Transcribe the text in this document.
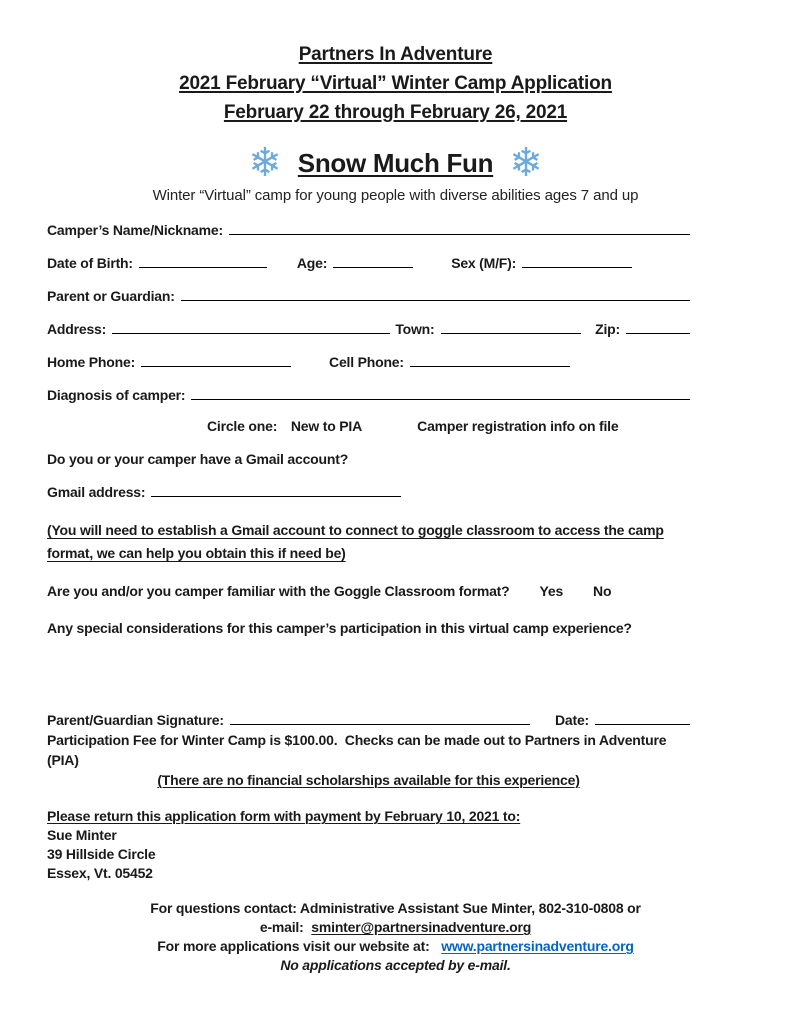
Partners In Adventure
2021 February “Virtual” Winter Camp Application
February 22 through February 26, 2021
❄ Snow Much Fun ❄
Winter “Virtual” camp for young people with diverse abilities ages 7 and up
Camper’s Name/Nickname:
Date of Birth:	Age:	Sex (M/F):
Parent or Guardian:
Address:	Town:	Zip:
Home Phone:	Cell Phone:
Diagnosis of camper:
Circle one: New to PIA	Camper registration info on file
Do you or your camper have a Gmail account?
Gmail address:
(You will need to establish a Gmail account to connect to goggle classroom to access the camp format, we can help you obtain this if need be)
Are you and/or you camper familiar with the Goggle Classroom format? Yes No
Any special considerations for this camper’s participation in this virtual camp experience?
Parent/Guardian Signature:	Date:
Participation Fee for Winter Camp is $100.00.  Checks can be made out to Partners in Adventure (PIA)
(There are no financial scholarships available for this experience)
Please return this application form with payment by February 10, 2021 to:
Sue Minter
39 Hillside Circle
Essex, Vt. 05452
For questions contact: Administrative Assistant Sue Minter, 802-310-0808 or
e-mail: sminter@partnersinadventure.org
For more applications visit our website at: www.partnersinadventure.org
No applications accepted by e-mail.
